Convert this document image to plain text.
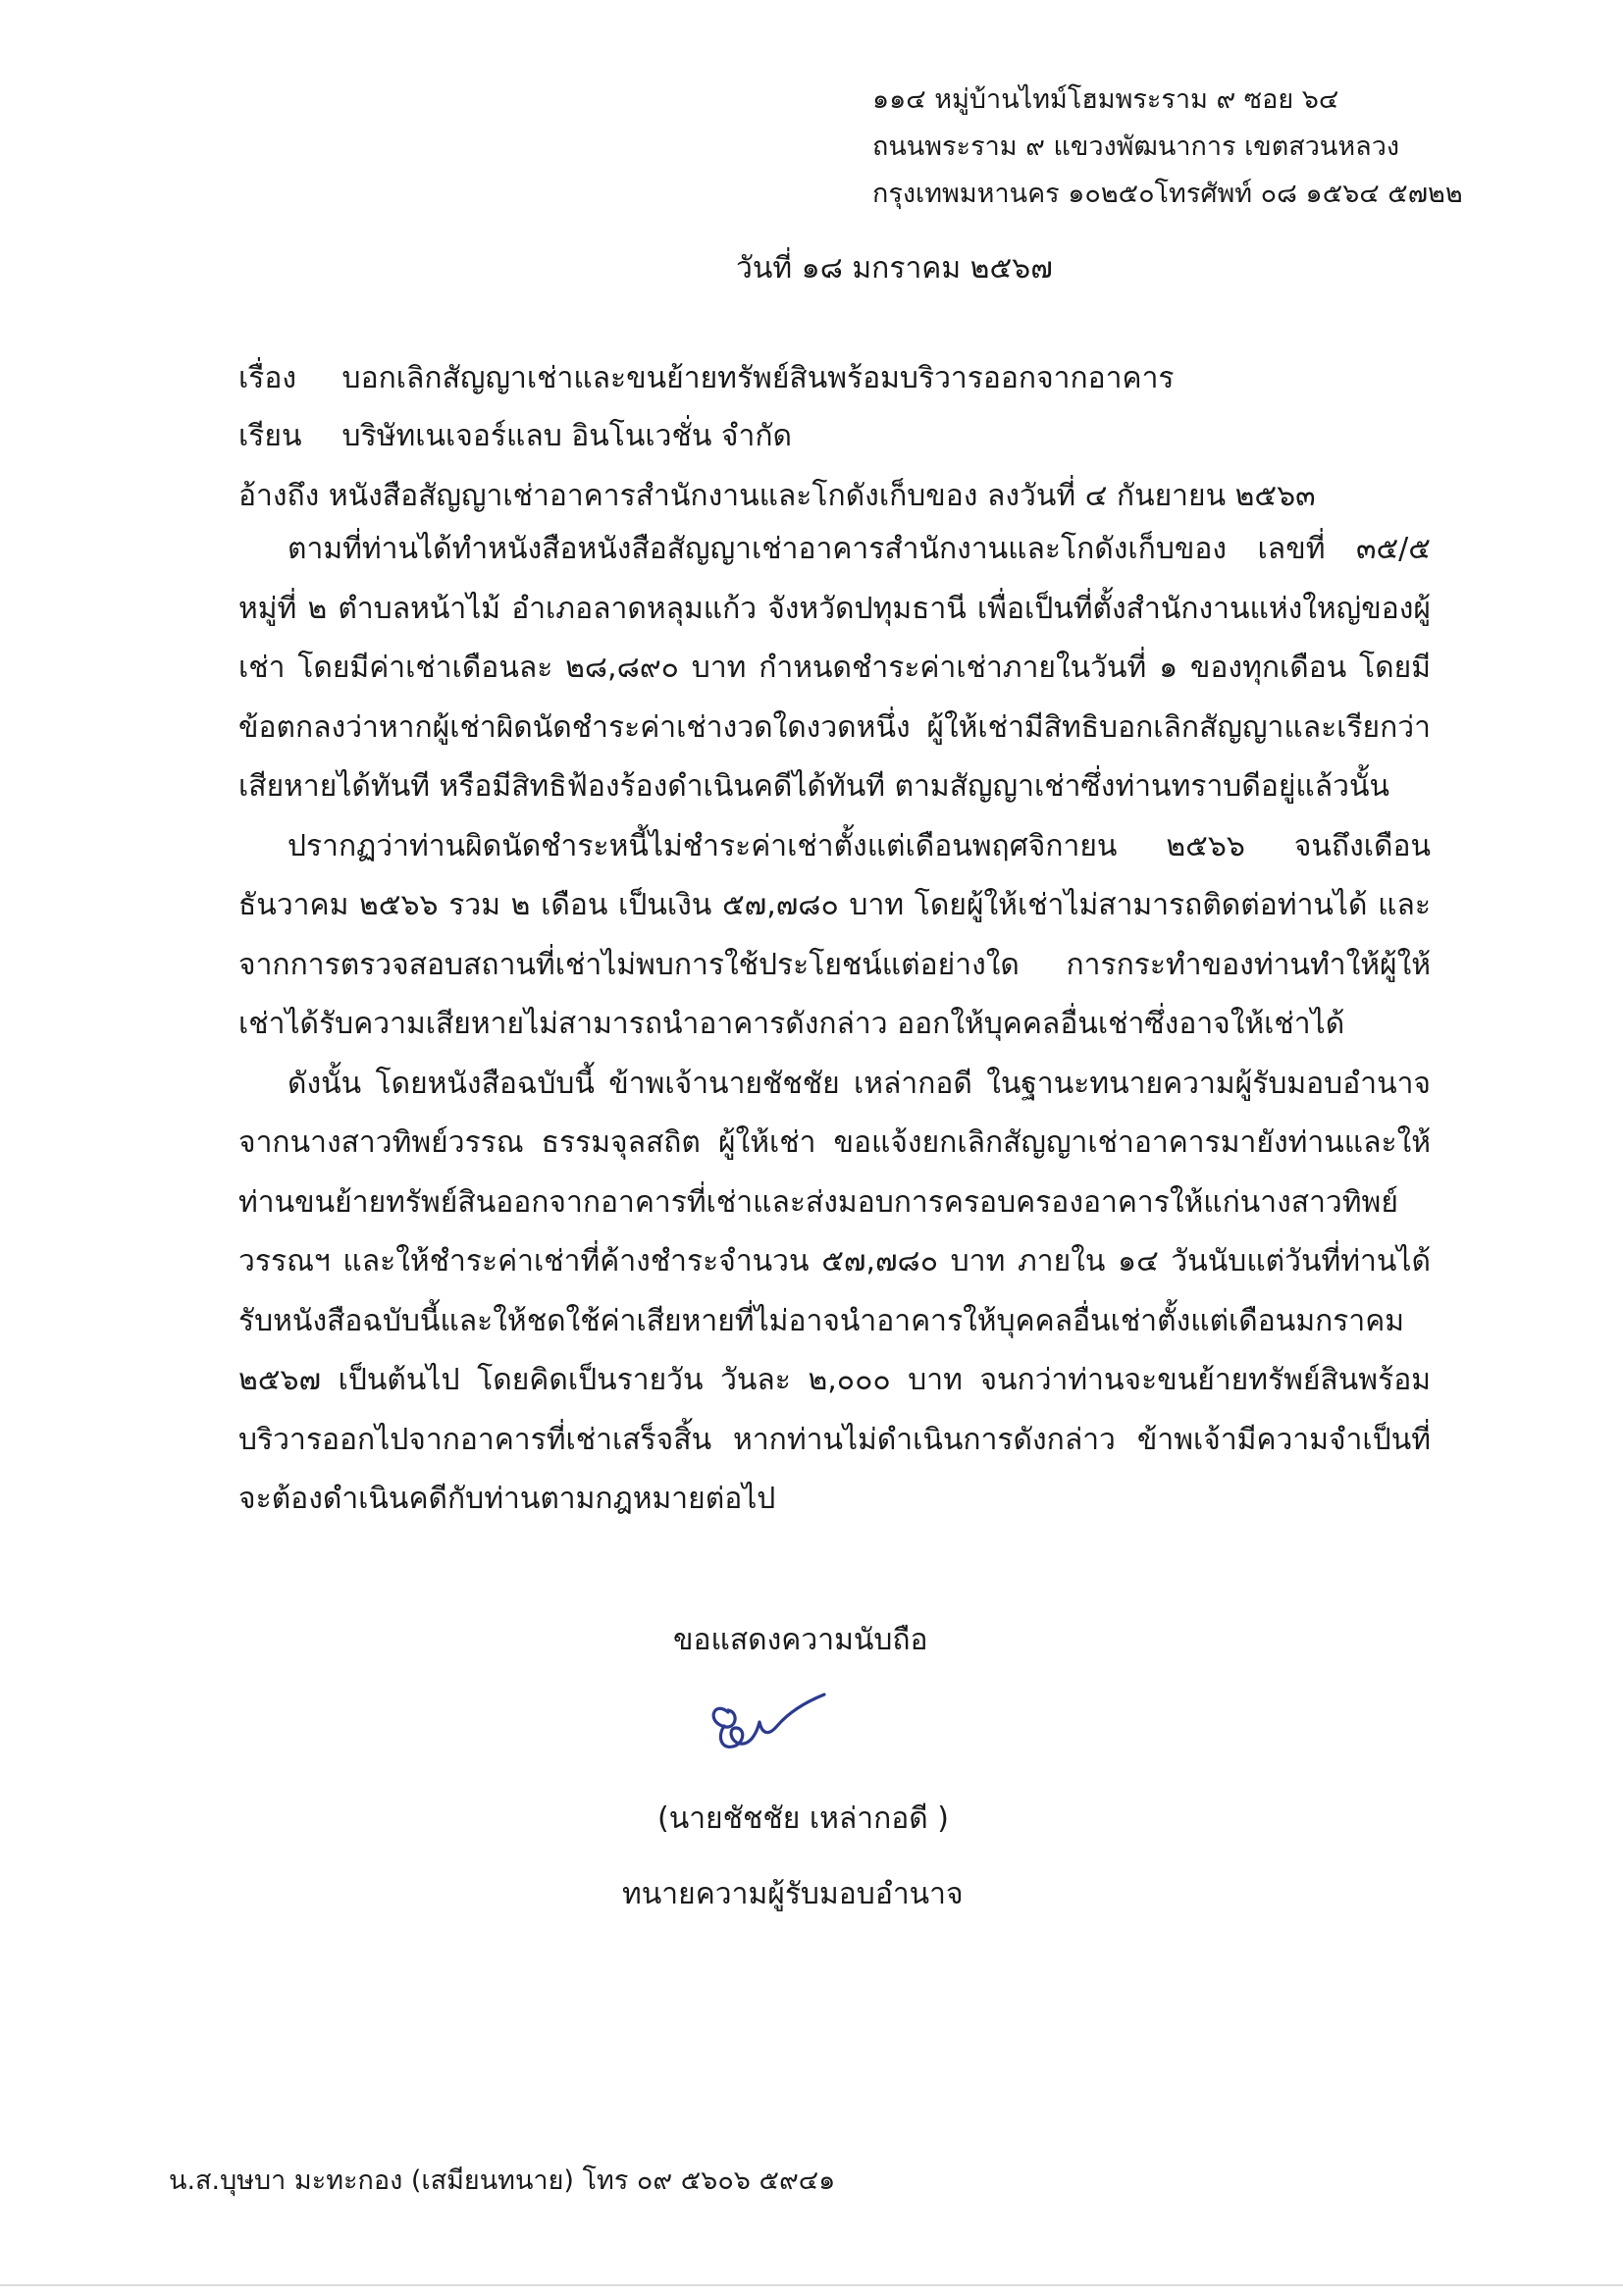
๑๑๔ หมู่บ้านไทม์โฮมพระราม ๙ ซอย ๖๔
ถนนพระราม ๙ แขวงพัฒนาการ เขตสวนหลวง
กรุงเทพมหานคร ๑๐๒๕๐โทรศัพท์ ๐๘ ๑๕๖๔ ๕๗๒๒
วันที่ ๑๘ มกราคม ๒๕๖๗
เรื่อง บอกเลิกสัญญาเช่าและขนย้ายทรัพย์สินพร้อมบริวารออกจากอาคาร
เรียน บริษัทเนเจอร์แลบ อินโนเวชั่น จำกัด
อ้างถึง หนังสือสัญญาเช่าอาคารสำนักงานและโกดังเก็บของ ลงวันที่ ๔ กันยายน ๒๕๖๓

ตามที่ท่านได้ทำหนังสือหนังสือสัญญาเช่าอาคารสำนักงานและโกดังเก็บของ เลขที่ ๓๕/๕ หมู่ที่ ๒ ตำบลหน้าไม้ อำเภอลาดหลุมแก้ว จังหวัดปทุมธานี เพื่อเป็นที่ตั้งสำนักงานแห่งใหญ่ของผู้เช่า โดยมีค่าเช่าเดือนละ ๒๘,๘๙๐ บาท กำหนดชำระค่าเช่าภายในวันที่ ๑ ของทุกเดือน โดยมีข้อตกลงว่าหากผู้เช่าผิดนัดชำระค่าเช่างวดใดงวดหนึ่ง ผู้ให้เช่ามีสิทธิบอกเลิกสัญญาและเรียกว่าเสียหายได้ทันที หรือมีสิทธิฟ้องร้องดำเนินคดีได้ทันที ตามสัญญาเช่าซึ่งท่านทราบดีอยู่แล้วนั้น

ปรากฏว่าท่านผิดนัดชำระหนี้ไม่ชำระค่าเช่าตั้งแต่เดือนพฤศจิกายน ๒๕๖๖ จนถึงเดือนธันวาคม ๒๕๖๖ รวม ๒ เดือน เป็นเงิน ๕๗,๗๘๐ บาท โดยผู้ให้เช่าไม่สามารถติดต่อท่านได้ และจากการตรวจสอบสถานที่เช่าไม่พบการใช้ประโยชน์แต่อย่างใด การกระทำของท่านทำให้ผู้ให้เช่าได้รับความเสียหายไม่สามารถนำอาคารดังกล่าว ออกให้บุคคลอื่นเช่าซึ่งอาจให้เช่าได้

ดังนั้น โดยหนังสือฉบับนี้ ข้าพเจ้านายชัชชัย เหล่ากอดี ในฐานะทนายความผู้รับมอบอำนาจจากนางสาวทิพย์วรรณ ธรรมจุลสถิต ผู้ให้เช่า ขอแจ้งยกเลิกสัญญาเช่าอาคารมายังท่านและให้ท่านขนย้ายทรัพย์สินออกจากอาคารที่เช่าและส่งมอบการครอบครองอาคารให้แก่นางสาวทิพย์วรรณฯ และให้ชำระค่าเช่าที่ค้างชำระจำนวน ๕๗,๗๘๐ บาท ภายใน ๑๔ วันนับแต่วันที่ท่านได้รับหนังสือฉบับนี้และให้ชดใช้ค่าเสียหายที่ไม่อาจนำอาคารให้บุคคลอื่นเช่าตั้งแต่เดือนมกราคม ๒๕๖๗ เป็นต้นไป โดยคิดเป็นรายวัน วันละ ๒,๐๐๐ บาท จนกว่าท่านจะขนย้ายทรัพย์สินพร้อมบริวารออกไปจากอาคารที่เช่าเสร็จสิ้น หากท่านไม่ดำเนินการดังกล่าว ข้าพเจ้ามีความจำเป็นที่จะต้องดำเนินคดีกับท่านตามกฎหมายต่อไป

ขอแสดงความนับถือ
(นายชัชชัย เหล่ากอดี )
ทนายความผู้รับมอบอำนาจ
น.ส.บุษบา มะทะกอง (เสมียนทนาย) โทร ๐๙ ๕๖๐๖ ๕๙๔๑
